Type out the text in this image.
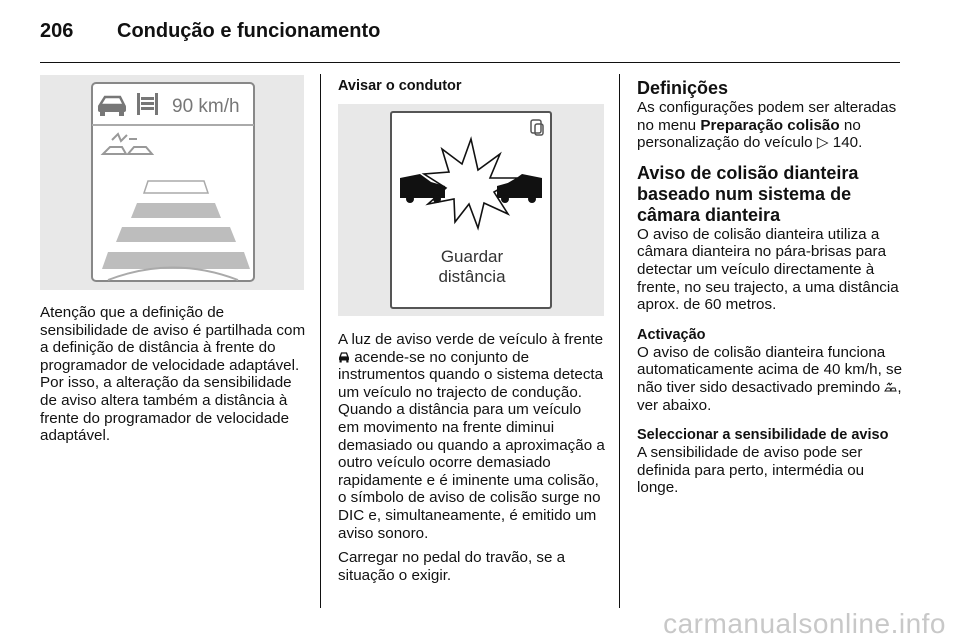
206 Condução e funcionamento
90 km/h

Atenção que a definição de sensibilidade de aviso é partilhada com a definição de distância à frente do programador de velocidade adaptável. Por isso, a alteração da sensibilidade de aviso altera também a distância à frente do programador de velocidade adaptável.

Avisar o condutor

Guardar
distância

A luz de aviso verde de veículo à frente  acende-se no conjunto de instrumentos quando o sistema detecta um veículo no trajecto de condução. Quando a distância para um veículo em movimento na frente diminui demasiado ou quando a aproximação a outro veículo ocorre demasiado rapidamente e é iminente uma colisão, o símbolo de aviso de colisão surge no DIC e, simultaneamente, é emitido um aviso sonoro.

Carregar no pedal do travão, se a situação o exigir.

Definições

As configurações podem ser alteradas no menu Preparação colisão no personalização do veículo ▷ 140.

Aviso de colisão dianteira baseado num sistema de câmara dianteira

O aviso de colisão dianteira utiliza a câmara dianteira no pára-brisas para detectar um veículo directamente à frente, no seu trajecto, a uma distância aprox. de 60 metros.

Activação

O aviso de colisão dianteira funciona automaticamente acima de 40 km/h, se não tiver sido desactivado premindo , ver abaixo.

Seleccionar a sensibilidade de aviso

A sensibilidade de aviso pode ser definida para perto, intermédia ou longe.

carmanualsonline.info
